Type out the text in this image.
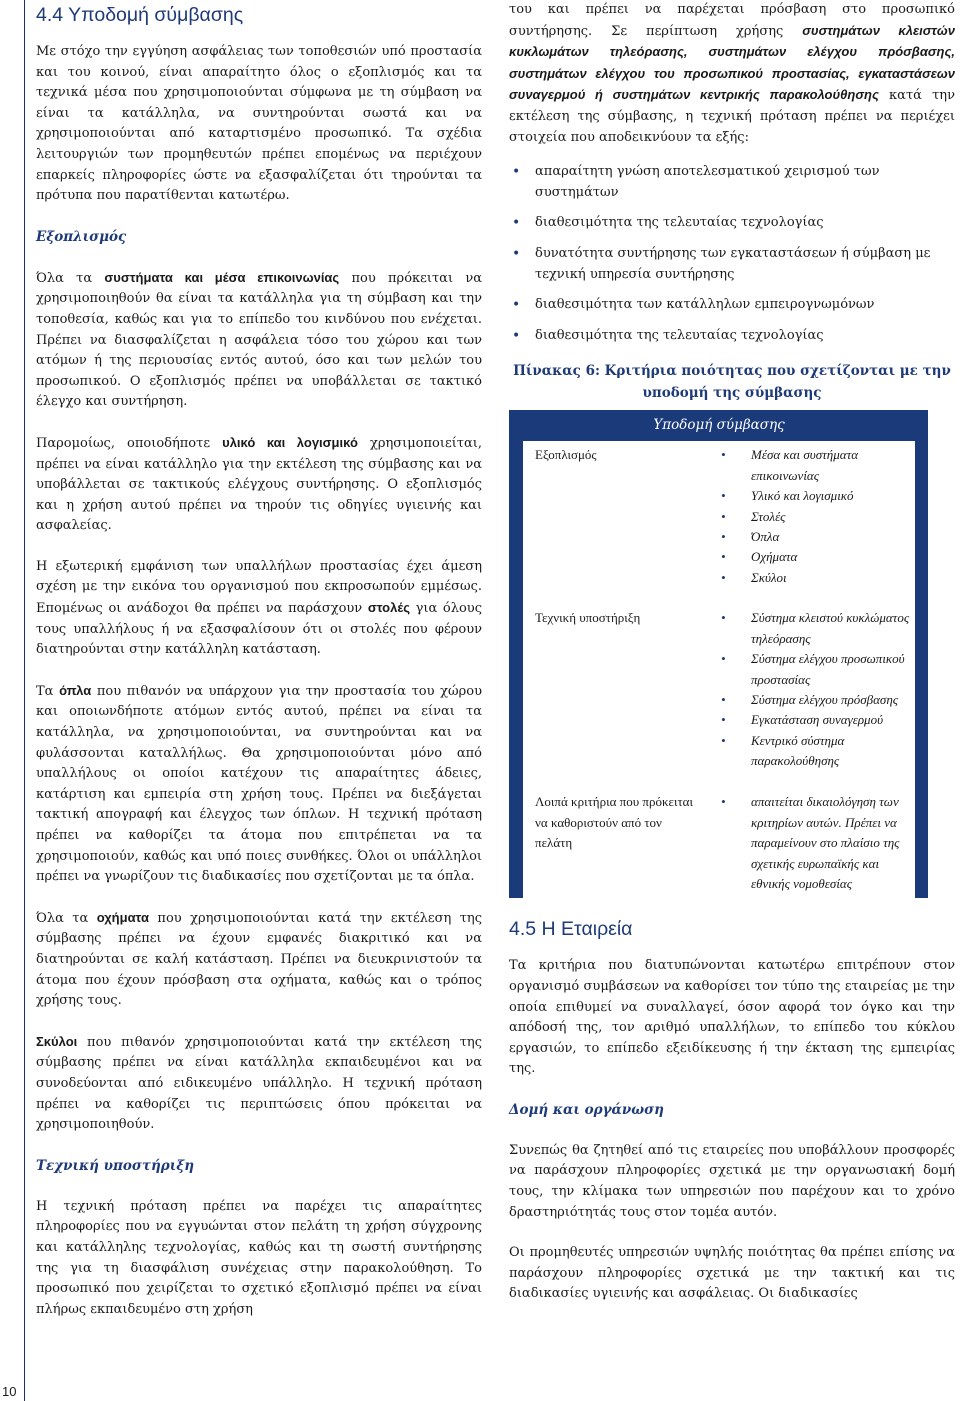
10
4.4 Υποδομή σύμβασης

Με στόχο την εγγύηση ασφάλειας των τοποθεσιών υπό προστασία και του κοινού, είναι απαραίτητο όλος ο εξοπλισμός και τα τεχνικά μέσα που χρησιμοποιούνται σύμφωνα με τη σύμβαση να είναι τα κατάλληλα, να συντηρούνται σωστά και να χρησιμοποιούνται από καταρτισμένο προσωπικό. Τα σχέδια λειτουργιών των προμηθευτών πρέπει επομένως να περιέχουν επαρκείς πληροφορίες ώστε να εξασφαλίζεται ότι τηρούνται τα πρότυπα που παρατίθενται κατωτέρω.

Εξοπλισμός

Όλα τα συστήματα και μέσα επικοινωνίας που πρόκειται να χρησιμοποιηθούν θα είναι τα κατάλληλα για τη σύμβαση και την τοποθεσία, καθώς και για το επίπεδο του κινδύνου που ενέχεται. Πρέπει να διασφαλίζεται η ασφάλεια τόσο του χώρου και των ατόμων ή της περιουσίας εντός αυτού, όσο και των μελών του προσωπικού. Ο εξοπλισμός πρέπει να υποβάλλεται σε τακτικό έλεγχο και συντήρηση.

Παρομοίως, οποιοδήποτε υλικό και λογισμικό χρησιμοποιείται, πρέπει να είναι κατάλληλο για την εκτέλεση της σύμβασης και να υποβάλλεται σε τακτικούς ελέγχους συντήρησης. Ο εξοπλισμός και η χρήση αυτού πρέπει να τηρούν τις οδηγίες υγιεινής και ασφαλείας.

Η εξωτερική εμφάνιση των υπαλλήλων προστασίας έχει άμεση σχέση με την εικόνα του οργανισμού που εκπροσωπούν εμμέσως. Επομένως οι ανάδοχοι θα πρέπει να παράσχουν στολές για όλους τους υπαλλήλους ή να εξασφαλίσουν ότι οι στολές που φέρουν διατηρούνται στην κατάλληλη κατάσταση.

Τα όπλα που πιθανόν να υπάρχουν για την προστασία του χώρου και οποιωνδήποτε ατόμων εντός αυτού, πρέπει να είναι τα κατάλληλα, να χρησιμοποιούνται, να συντηρούνται και να φυλάσσονται καταλλήλως. Θα χρησιμοποιούνται μόνο από υπαλλήλους οι οποίοι κατέχουν τις απαραίτητες άδειες, κατάρτιση και εμπειρία στη χρήση τους. Πρέπει να διεξάγεται τακτική απογραφή και έλεγχος των όπλων. Η τεχνική πρόταση πρέπει να καθορίζει τα άτομα που επιτρέπεται να τα χρησιμοποιούν, καθώς και υπό ποιες συνθήκες. Όλοι οι υπάλληλοι πρέπει να γνωρίζουν τις διαδικασίες που σχετίζονται με τα όπλα.

Όλα τα οχήματα που χρησιμοποιούνται κατά την εκτέλεση της σύμβασης πρέπει να έχουν εμφανές διακριτικό και να διατηρούνται σε καλή κατάσταση. Πρέπει να διευκρινιστούν τα άτομα που έχουν πρόσβαση στα οχήματα, καθώς και ο τρόπος χρήσης τους.

Σκύλοι που πιθανόν χρησιμοποιούνται κατά την εκτέλεση της σύμβασης πρέπει να είναι κατάλληλα εκπαιδευμένοι και να συνοδεύονται από ειδικευμένο υπάλληλο. Η τεχνική πρόταση πρέπει να καθορίζει τις περιπτώσεις όπου πρόκειται να χρησιμοποιηθούν.

Τεχνική υποστήριξη

Η τεχνική πρόταση πρέπει να παρέχει τις απαραίτητες πληροφορίες που να εγγυώνται στον πελάτη τη χρήση σύγχρονης και κατάλληλης τεχνολογίας, καθώς και τη σωστή συντήρησης της για τη διασφάλιση συνέχειας στην παρακολούθηση. Το προσωπικό που χειρίζεται το σχετικό εξοπλισμό πρέπει να είναι πλήρως εκπαιδευμένο στη χρήση

του και πρέπει να παρέχεται πρόσβαση στο προσωπικό συντήρησης. Σε περίπτωση χρήσης συστημάτων κλειστών κυκλωμάτων τηλεόρασης, συστημάτων ελέγχου πρόσβασης, συστημάτων ελέγχου του προσωπικού προστασίας, εγκαταστάσεων συναγερμού ή συστημάτων κεντρικής παρακολούθησης κατά την εκτέλεση της σύμβασης, η τεχνική πρόταση πρέπει να περιέχει στοιχεία που αποδεικνύουν τα εξής:

• απαραίτητη γνώση αποτελεσματικού χειρισμού των συστημάτων
• διαθεσιμότητα της τελευταίας τεχνολογίας
• δυνατότητα συντήρησης των εγκαταστάσεων ή σύμβαση με τεχνική υπηρεσία συντήρησης
• διαθεσιμότητα των κατάλληλων εμπειρογνωμόνων
• διαθεσιμότητα της τελευταίας τεχνολογίας
Πίνακας 6: Κριτήρια ποιότητας που σχετίζονται με την
υποδομή της σύμβασης
Υποδομή σύμβασης
Εξοπλισμός	• Μέσα και συστήματα επικοινωνίας
• Υλικό και λογισμικό
• Στολές
• Όπλα
• Οχήματα
• Σκύλοι
Τεχνική υποστήριξη	• Σύστημα κλειστού κυκλώματος τηλεόρασης
• Σύστημα ελέγχου προσωπικού προστασίας
• Σύστημα ελέγχου πρόσβασης
• Εγκατάσταση συναγερμού
• Κεντρικό σύστημα παρακολούθησης
Λοιπά κριτήρια που πρόκειται να καθοριστούν από τον πελάτη
• απαιτείται δικαιολόγηση των κριτηρίων αυτών. Πρέπει να παραμείνουν στο πλαίσιο της σχετικής ευρωπαϊκής και εθνικής νομοθεσίας
4.5 Η Εταιρεία

Τα κριτήρια που διατυπώνονται κατωτέρω επιτρέπουν στον οργανισμό συμβάσεων να καθορίσει τον τύπο της εταιρείας με την οποία επιθυμεί να συναλλαγεί, όσον αφορά τον όγκο και την απόδοσή της, τον αριθμό υπαλλήλων, το επίπεδο του κύκλου εργασιών, το επίπεδο εξειδίκευσης ή την έκταση της εμπειρίας της.

Δομή και οργάνωση

Συνεπώς θα ζητηθεί από τις εταιρείες που υποβάλλουν προσφορές να παράσχουν πληροφορίες σχετικά με την οργανωσιακή δομή τους, την κλίμακα των υπηρεσιών που παρέχουν και το χρόνο δραστηριότητάς τους στον τομέα αυτόν.

Οι προμηθευτές υπηρεσιών υψηλής ποιότητας θα πρέπει επίσης να παράσχουν πληροφορίες σχετικά με την τακτική και τις διαδικασίες υγιεινής και ασφάλειας. Οι διαδικασίες
